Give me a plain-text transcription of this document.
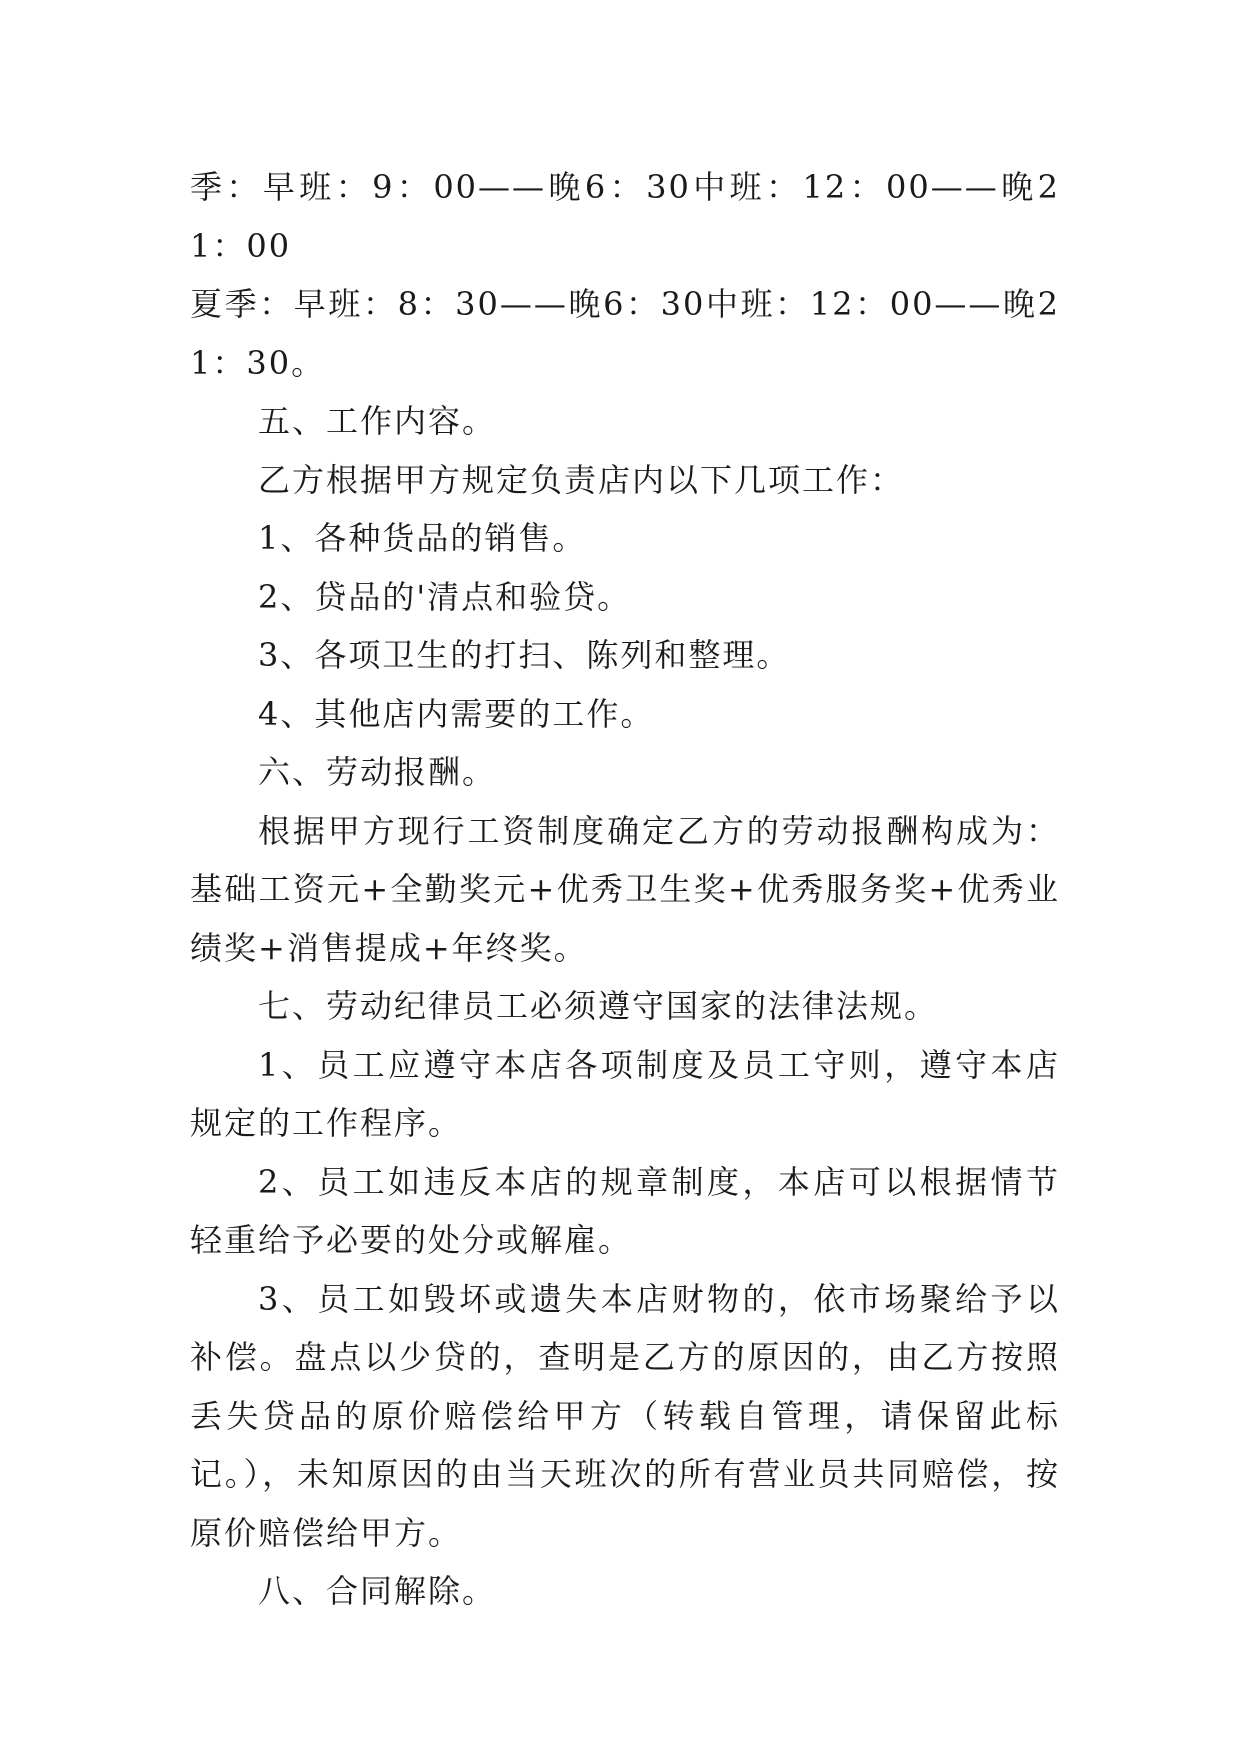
季：早班：9：00——晚6：30中班：12：00——晚21：00

夏季：早班：8：30——晚6：30中班：12：00——晚21：30。

五、工作内容。

乙方根据甲方规定负责店内以下几项工作：

1、各种货品的销售。

2、贷品的'清点和验贷。

3、各项卫生的打扫、陈列和整理。

4、其他店内需要的工作。

六、劳动报酬。

根据甲方现行工资制度确定乙方的劳动报酬构成为：基础工资元+全勤奖元+优秀卫生奖+优秀服务奖+优秀业绩奖+消售提成+年终奖。

七、劳动纪律员工必须遵守国家的法律法规。

1、员工应遵守本店各项制度及员工守则，遵守本店规定的工作程序。

2、员工如违反本店的规章制度，本店可以根据情节轻重给予必要的处分或解雇。

3、员工如毁坏或遗失本店财物的，依市场聚给予以补偿。盘点以少贷的，查明是乙方的原因的，由乙方按照丢失贷品的原价赔偿给甲方（转载自管理，请保留此标记。），未知原因的由当天班次的所有营业员共同赔偿，按原价赔偿给甲方。

八、合同解除。
